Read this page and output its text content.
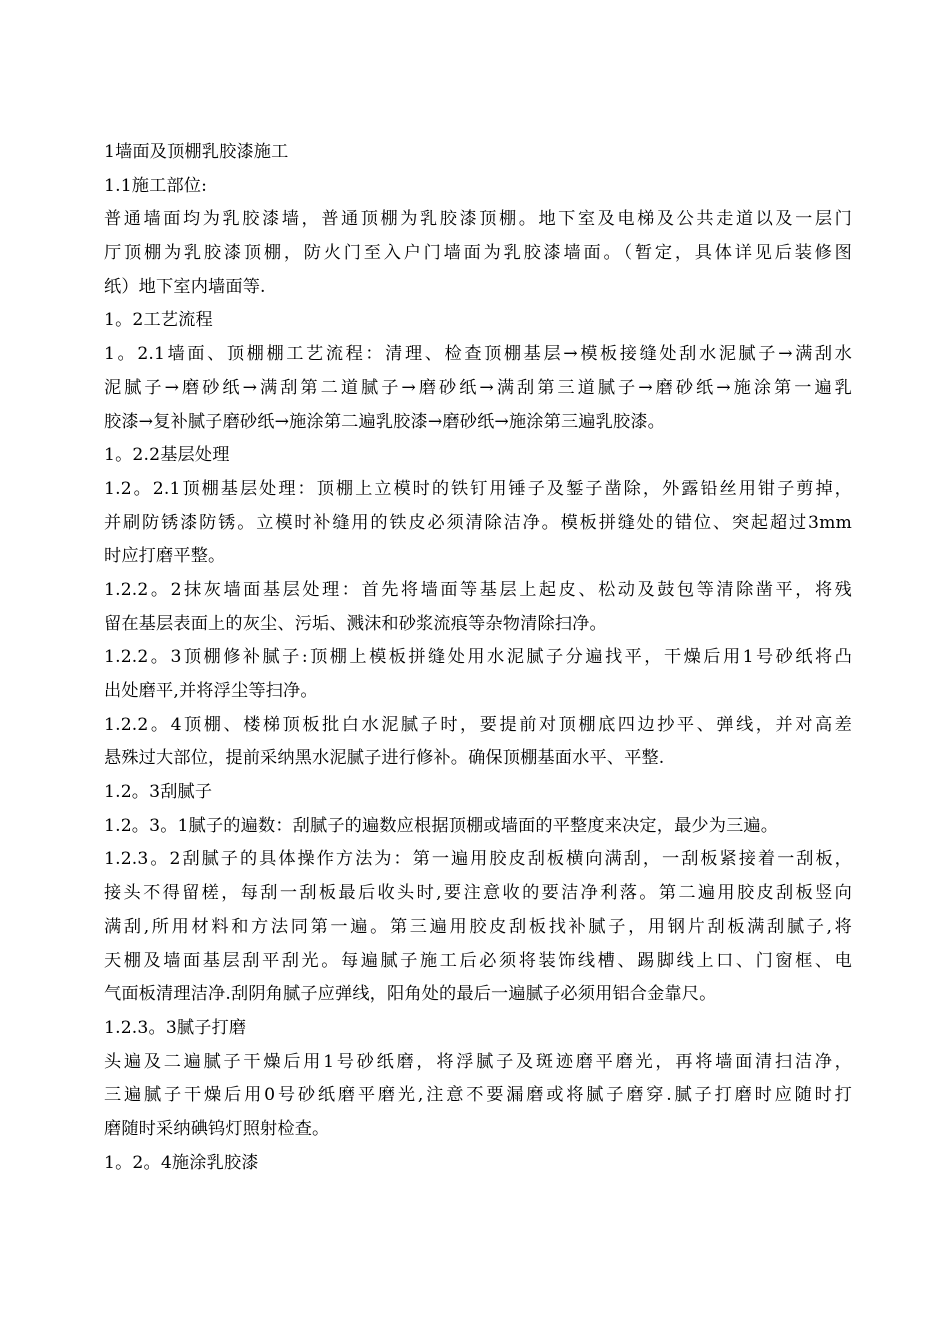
1墙面及顶棚乳胶漆施工
1.1施工部位:
普通墙面均为乳胶漆墙，普通顶棚为乳胶漆顶棚。地下室及电梯及公共走道以及一层门
厅顶棚为乳胶漆顶棚，防火门至入户门墙面为乳胶漆墙面。（暂定，具体详见后装修图
纸）地下室内墙面等.
1。2工艺流程
1。2.1墙面、顶棚棚工艺流程：清理、检查顶棚基层→模板接缝处刮水泥腻子→满刮水
泥腻子→磨砂纸→满刮第二道腻子→磨砂纸→满刮第三道腻子→磨砂纸→施涂第一遍乳
胶漆→复补腻子磨砂纸→施涂第二遍乳胶漆→磨砂纸→施涂第三遍乳胶漆。
1。2.2基层处理
1.2。2.1顶棚基层处理：顶棚上立模时的铁钉用锤子及錾子凿除，外露铅丝用钳子剪掉，
并刷防锈漆防锈。立模时补缝用的铁皮必须清除洁净。模板拼缝处的错位、突起超过3mm
时应打磨平整。
1.2.2。2抹灰墙面基层处理：首先将墙面等基层上起皮、松动及鼓包等清除凿平，将残
留在基层表面上的灰尘、污垢、溅沫和砂浆流痕等杂物清除扫净。
1.2.2。3顶棚修补腻子:顶棚上模板拼缝处用水泥腻子分遍找平，干燥后用1号砂纸将凸
出处磨平,并将浮尘等扫净。
1.2.2。4顶棚、楼梯顶板批白水泥腻子时，要提前对顶棚底四边抄平、弹线，并对高差
悬殊过大部位，提前采纳黑水泥腻子进行修补。确保顶棚基面水平、平整.
1.2。3刮腻子
1.2。3。1腻子的遍数：刮腻子的遍数应根据顶棚或墙面的平整度来决定，最少为三遍。
1.2.3。2刮腻子的具体操作方法为：第一遍用胶皮刮板横向满刮，一刮板紧接着一刮板，
接头不得留槎，每刮一刮板最后收头时,要注意收的要洁净利落。第二遍用胶皮刮板竖向
满刮,所用材料和方法同第一遍。第三遍用胶皮刮板找补腻子，用钢片刮板满刮腻子,将
天棚及墙面基层刮平刮光。每遍腻子施工后必须将装饰线槽、踢脚线上口、门窗框、电
气面板清理洁净.刮阴角腻子应弹线，阳角处的最后一遍腻子必须用铝合金靠尺。
1.2.3。3腻子打磨
头遍及二遍腻子干燥后用1号砂纸磨，将浮腻子及斑迹磨平磨光，再将墙面清扫洁净，
三遍腻子干燥后用0号砂纸磨平磨光,注意不要漏磨或将腻子磨穿.腻子打磨时应随时打
磨随时采纳碘钨灯照射检查。
1。2。4施涂乳胶漆
